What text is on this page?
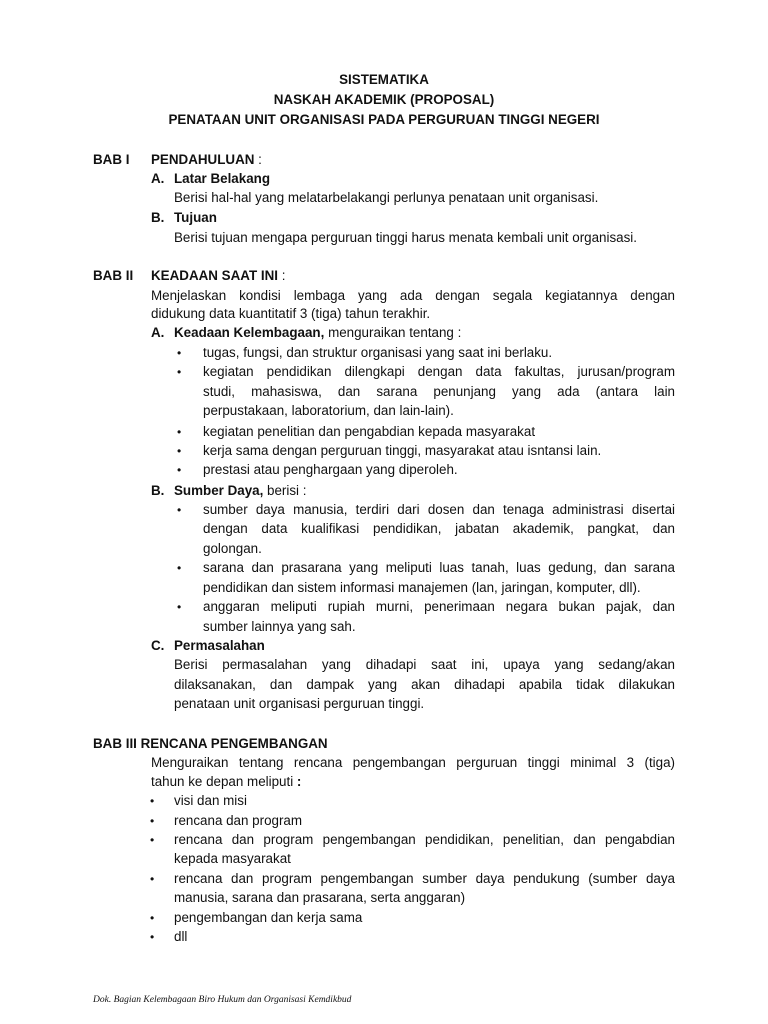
SISTEMATIKA
NASKAH AKADEMIK (PROPOSAL)
PENATAAN UNIT ORGANISASI PADA PERGURUAN TINGGI NEGERI
BAB I PENDAHULUAN :
A. Latar Belakang
Berisi hal-hal yang melatarbelakangi perlunya penataan unit organisasi.
B. Tujuan
Berisi tujuan mengapa perguruan tinggi harus menata kembali unit organisasi.
BAB II KEADAAN SAAT INI :
Menjelaskan kondisi lembaga yang ada dengan segala kegiatannya dengan
didukung data kuantitatif 3 (tiga) tahun terakhir.
A. Keadaan Kelembagaan, menguraikan tentang :
• tugas, fungsi, dan struktur organisasi yang saat ini berlaku.
• kegiatan pendidikan dilengkapi dengan data fakultas, jurusan/program
studi, mahasiswa, dan sarana penunjang yang ada (antara lain
perpustakaan, laboratorium, dan lain-lain).
• kegiatan penelitian dan pengabdian kepada masyarakat
• kerja sama dengan perguruan tinggi, masyarakat atau isntansi lain.
• prestasi atau penghargaan yang diperoleh.
B. Sumber Daya, berisi :
• sumber daya manusia, terdiri dari dosen dan tenaga administrasi disertai
dengan data kualifikasi pendidikan, jabatan akademik, pangkat, dan
golongan.
• sarana dan prasarana yang meliputi luas tanah, luas gedung, dan sarana
pendidikan dan sistem informasi manajemen (lan, jaringan, komputer, dll).
• anggaran meliputi rupiah murni, penerimaan negara bukan pajak, dan
sumber lainnya yang sah.
C. Permasalahan
Berisi permasalahan yang dihadapi saat ini, upaya yang sedang/akan
dilaksanakan, dan dampak yang akan dihadapi apabila tidak dilakukan
penataan unit organisasi perguruan tinggi.
BAB III RENCANA PENGEMBANGAN
Menguraikan tentang rencana pengembangan perguruan tinggi minimal 3 (tiga)
tahun ke depan meliputi :
• visi dan misi
• rencana dan program
• rencana dan program pengembangan pendidikan, penelitian, dan pengabdian
kepada masyarakat
• rencana dan program pengembangan sumber daya pendukung (sumber daya
manusia, sarana dan prasarana, serta anggaran)
• pengembangan dan kerja sama
• dll
Dok. Bagian Kelembagaan Biro Hukum dan Organisasi Kemdikbud
